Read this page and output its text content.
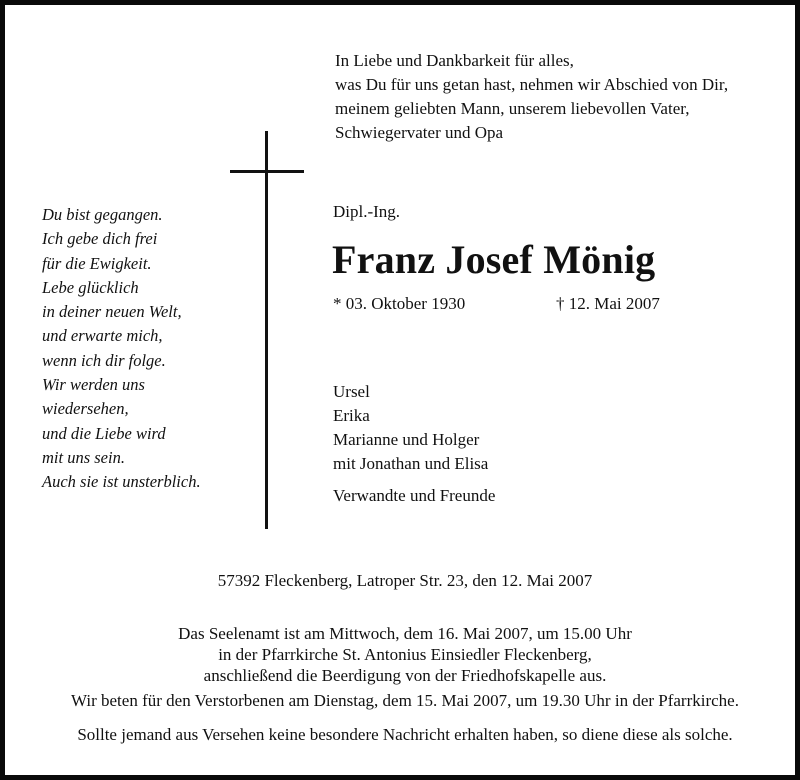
In Liebe und Dankbarkeit für alles,
was Du für uns getan hast, nehmen wir Abschied von Dir,
meinem geliebten Mann, unserem liebevollen Vater,
Schwiegervater und Opa
Du bist gegangen.
Ich gebe dich frei
für die Ewigkeit.
Lebe glücklich
in deiner neuen Welt,
und erwarte mich,
wenn ich dir folge.
Wir werden uns
wiedersehen,
und die Liebe wird
mit uns sein.
Auch sie ist unsterblich.
Dipl.-Ing.
Franz Josef Mönig
* 03. Oktober 1930	† 12. Mai 2007
Ursel
Erika
Marianne und Holger
mit Jonathan und Elisa
Verwandte und Freunde
57392 Fleckenberg, Latroper Str. 23, den 12. Mai 2007
Das Seelenamt ist am Mittwoch, dem 16. Mai 2007, um 15.00 Uhr
in der Pfarrkirche St. Antonius Einsiedler Fleckenberg,
anschließend die Beerdigung von der Friedhofskapelle aus.
Wir beten für den Verstorbenen am Dienstag, dem 15. Mai 2007, um 19.30 Uhr in der Pfarrkirche.
Sollte jemand aus Versehen keine besondere Nachricht erhalten haben, so diene diese als solche.
